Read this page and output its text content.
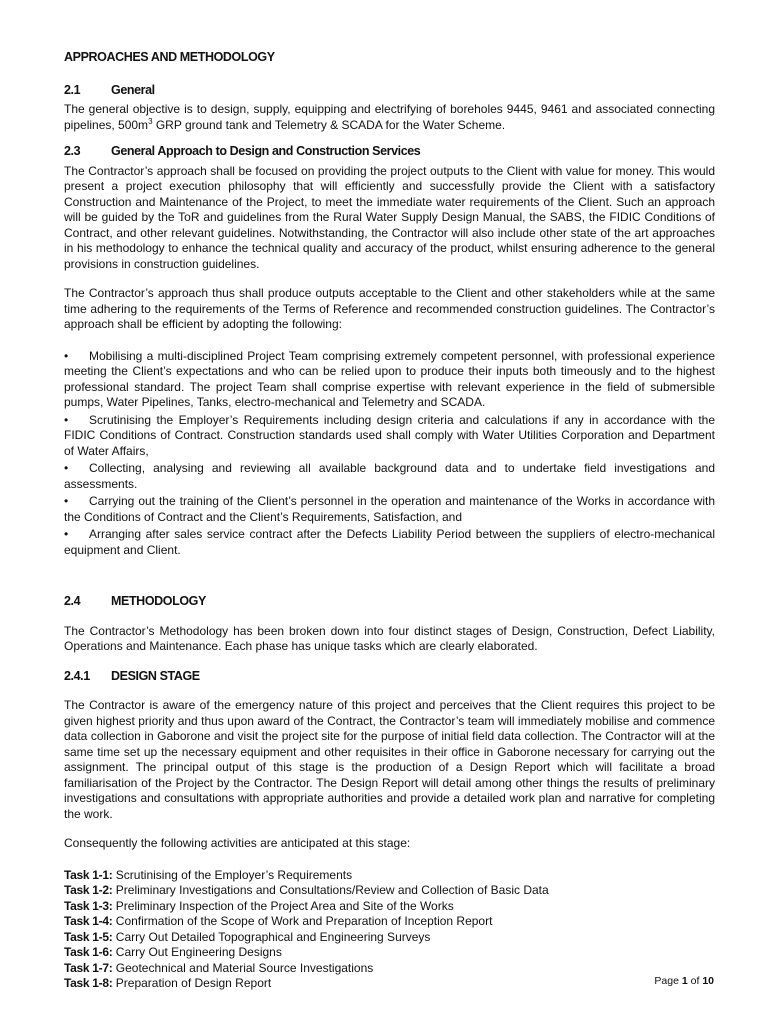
APPROACHES AND METHODOLOGY
2.1 General
The general objective is to design, supply, equipping and electrifying of boreholes 9445, 9461 and associated connecting pipelines, $500m^3$ GRP ground tank and Telemetry & SCADA for the Water Scheme.
2.3 General Approach to Design and Construction Services
The Contractor’s approach shall be focused on providing the project outputs to the Client with value for money. This would present a project execution philosophy that will efficiently and successfully provide the Client with a satisfactory Construction and Maintenance of the Project, to meet the immediate water requirements of the Client. Such an approach will be guided by the ToR and guidelines from the Rural Water Supply Design Manual, the SABS, the FIDIC Conditions of Contract, and other relevant guidelines. Notwithstanding, the Contractor will also include other state of the art approaches in his methodology to enhance the technical quality and accuracy of the product, whilst ensuring adherence to the general provisions in construction guidelines.
The Contractor’s approach thus shall produce outputs acceptable to the Client and other stakeholders while at the same time adhering to the requirements of the Terms of Reference and recommended construction guidelines. The Contractor’s approach shall be efficient by adopting the following:
• Mobilising a multi-disciplined Project Team comprising extremely competent personnel, with professional experience meeting the Client’s expectations and who can be relied upon to produce their inputs both timeously and to the highest professional standard. The project Team shall comprise expertise with relevant experience in the field of submersible pumps, Water Pipelines, Tanks, electro-mechanical and Telemetry and SCADA.
• Scrutinising the Employer’s Requirements including design criteria and calculations if any in accordance with the FIDIC Conditions of Contract. Construction standards used shall comply with Water Utilities Corporation and Department of Water Affairs,
• Collecting, analysing and reviewing all available background data and to undertake field investigations and assessments.
• Carrying out the training of the Client’s personnel in the operation and maintenance of the Works in accordance with the Conditions of Contract and the Client’s Requirements, Satisfaction, and
• Arranging after sales service contract after the Defects Liability Period between the suppliers of electro-mechanical equipment and Client.
2.4 METHODOLOGY
The Contractor’s Methodology has been broken down into four distinct stages of Design, Construction, Defect Liability, Operations and Maintenance. Each phase has unique tasks which are clearly elaborated.
2.4.1 DESIGN STAGE
The Contractor is aware of the emergency nature of this project and perceives that the Client requires this project to be given highest priority and thus upon award of the Contract, the Contractor’s team will immediately mobilise and commence data collection in Gaborone and visit the project site for the purpose of initial field data collection. The Contractor will at the same time set up the necessary equipment and other requisites in their office in Gaborone necessary for carrying out the assignment. The principal output of this stage is the production of a Design Report which will facilitate a broad familiarisation of the Project by the Contractor. The Design Report will detail among other things the results of preliminary investigations and consultations with appropriate authorities and provide a detailed work plan and narrative for completing the work.
Consequently the following activities are anticipated at this stage:
Task 1-1: Scrutinising of the Employer’s Requirements
Task 1-2: Preliminary Investigations and Consultations/Review and Collection of Basic Data
Task 1-3: Preliminary Inspection of the Project Area and Site of the Works
Task 1-4: Confirmation of the Scope of Work and Preparation of Inception Report
Task 1-5: Carry Out Detailed Topographical and Engineering Surveys
Task 1-6: Carry Out Engineering Designs
Task 1-7: Geotechnical and Material Source Investigations
Task 1-8: Preparation of Design Report	Page 1 of 10
